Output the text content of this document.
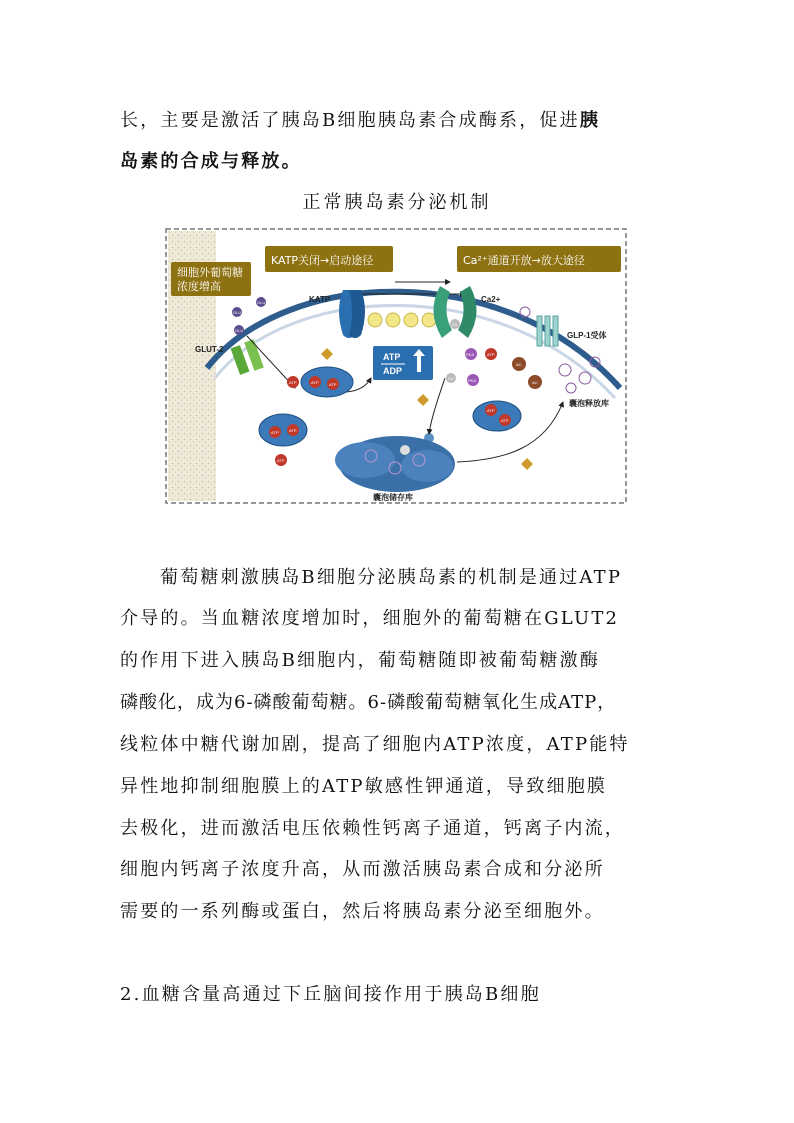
长，主要是激活了胰岛B细胞胰岛素合成酶系，促进胰
岛素的合成与释放。
正常胰岛素分泌机制
细胞外葡萄糖
浓度增高
KATP关闭→启动途径	Ca²⁺通道开放→放大途径
GLUT-2
GLU
GLU
GLU
KATP	Ca2+
GLP-1受体
ATP
ADP
ATP	ATP
ATP	ATP
ATP
ATP
ATP
ATP
ATP
PKA
PKA
AC
AC
Ca
Ca
囊泡释放库
囊泡储存库
葡萄糖刺激胰岛B细胞分泌胰岛素的机制是通过ATP
介导的。当血糖浓度增加时，细胞外的葡萄糖在GLUT2
的作用下进入胰岛B细胞内，葡萄糖随即被葡萄糖激酶
磷酸化，成为6-磷酸葡萄糖。6-磷酸葡萄糖氧化生成ATP，
线粒体中糖代谢加剧，提高了细胞内ATP浓度，ATP能特
异性地抑制细胞膜上的ATP敏感性钾通道，导致细胞膜
去极化，进而激活电压依赖性钙离子通道，钙离子内流，
细胞内钙离子浓度升高，从而激活胰岛素合成和分泌所
需要的一系列酶或蛋白，然后将胰岛素分泌至细胞外。
2.血糖含量高通过下丘脑间接作用于胰岛B细胞
